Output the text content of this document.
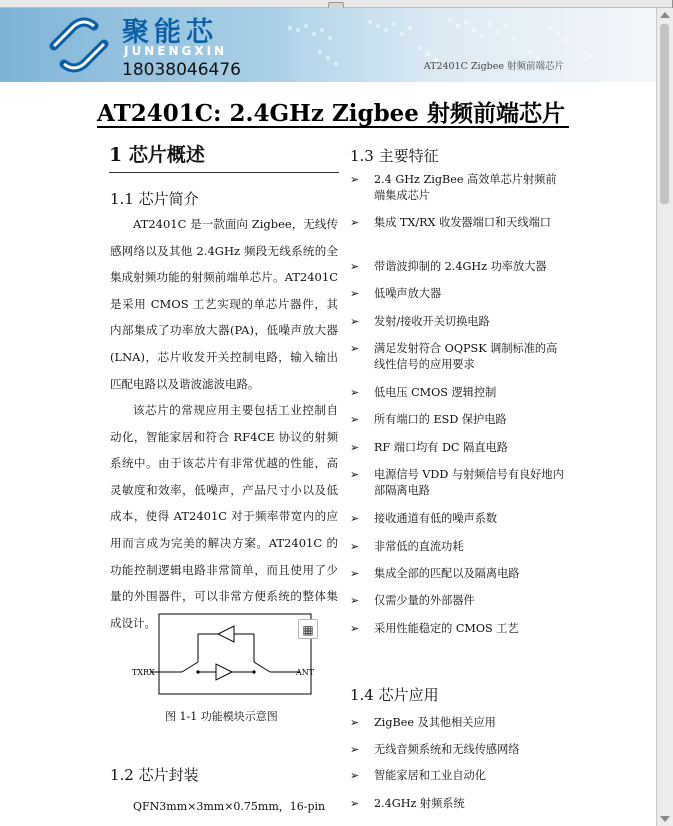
聚能芯
JUNENGXIN
18038046476	AT2401C Zigbee 射频前端芯片
AT2401C: 2.4GHz Zigbee 射频前端芯片
1 芯片概述
1.1 芯片简介
AT2401C 是一款面向 Zigbee，无线传感网络以及其他 2.4GHz 频段无线系统的全集成射频功能的射频前端单芯片。AT2401C 是采用 CMOS 工艺实现的单芯片器件，其内部集成了功率放大器(PA)，低噪声放大器(LNA)，芯片收发开关控制电路，输入输出匹配电路以及谐波滤波电路。
该芯片的常规应用主要包括工业控制自动化，智能家居和符合 RF4CE 协议的射频系统中。由于该芯片有非常优越的性能，高灵敏度和效率，低噪声，产品尺寸小以及低成本，使得 AT2401C 对于频率带宽内的应用而言成为完美的解决方案。AT2401C 的功能控制逻辑电路非常简单，而且使用了少量的外围器件，可以非常方便系统的整体集成设计。
TXRX	ANT
▦
图 1-1 功能模块示意图
1.2 芯片封装
QFN3mm×3mm×0.75mm，16-pin
1.3 主要特征
➢ 2.4 GHz ZigBee 高效单芯片射频前端集成芯片
➢ 集成 TX/RX 收发器端口和天线端口
➢ 带谐波抑制的 2.4GHz 功率放大器
➢ 低噪声放大器
➢ 发射/接收开关切换电路
➢ 满足发射符合 OQPSK 调制标准的高线性信号的应用要求
➢ 低电压 CMOS 逻辑控制
➢ 所有端口的 ESD 保护电路
➢ RF 端口均有 DC 隔直电路
➢ 电源信号 VDD 与射频信号有良好地内部隔离电路
➢ 接收通道有低的噪声系数
➢ 非常低的直流功耗
➢ 集成全部的匹配以及隔离电路
➢ 仅需少量的外部器件
➢ 采用性能稳定的 CMOS 工艺
1.4 芯片应用
➢ ZigBee 及其他相关应用
➢ 无线音频系统和无线传感网络
➢ 智能家居和工业自动化
➢ 2.4GHz 射频系统
